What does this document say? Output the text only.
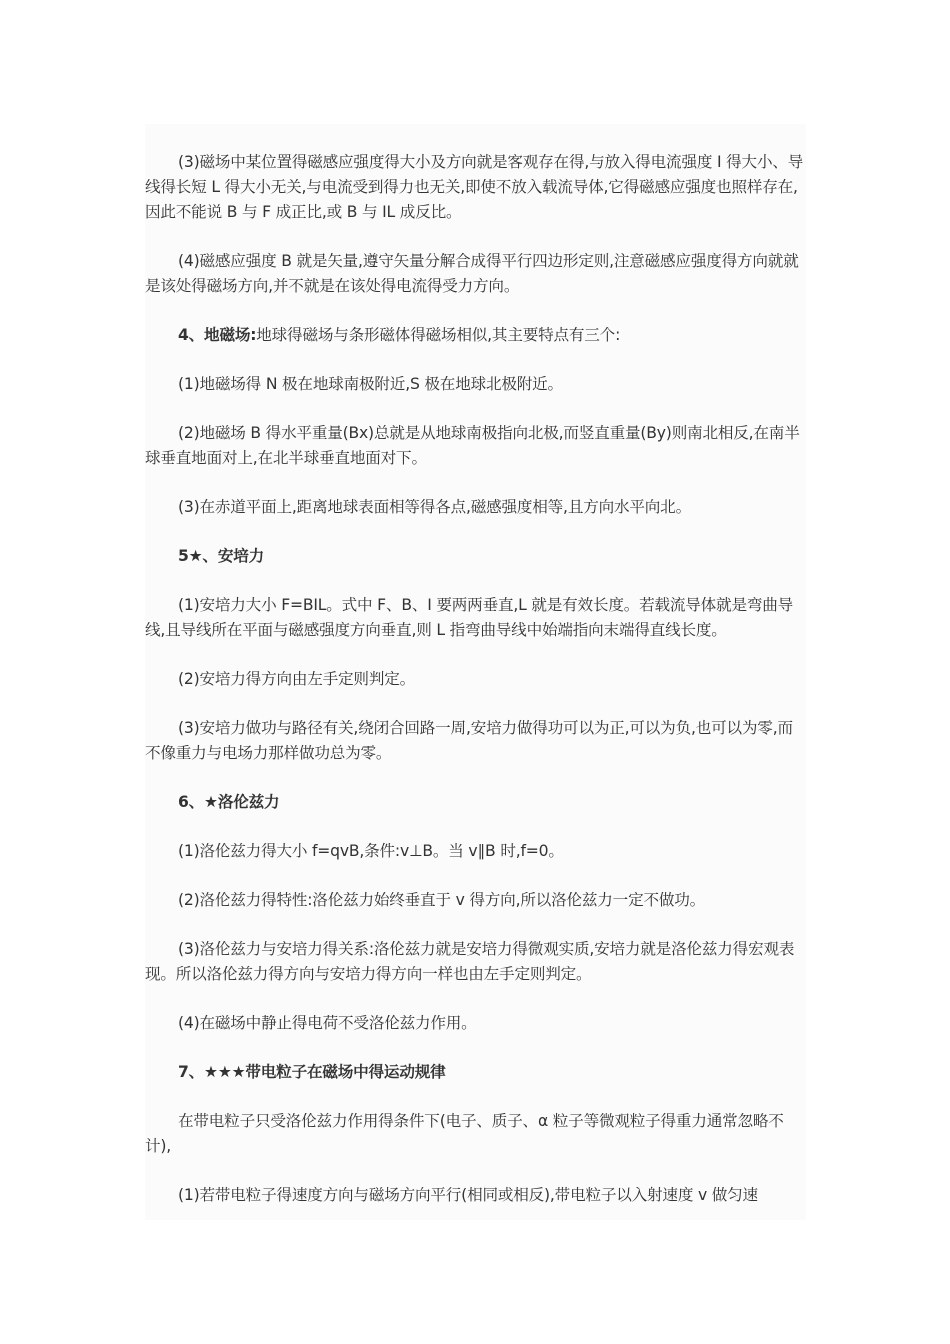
(3)磁场中某位置得磁感应强度得大小及方向就是客观存在得,与放入得电流强度 I 得大小、导线得长短 L 得大小无关,与电流受到得力也无关,即使不放入载流导体,它得磁感应强度也照样存在,因此不能说 B 与 F 成正比,或 B 与 IL 成反比。

(4)磁感应强度 B 就是矢量,遵守矢量分解合成得平行四边形定则,注意磁感应强度得方向就就是该处得磁场方向,并不就是在该处得电流得受力方向。

4、地磁场:地球得磁场与条形磁体得磁场相似,其主要特点有三个:

(1)地磁场得 N 极在地球南极附近,S 极在地球北极附近。

(2)地磁场 B 得水平重量(Bx)总就是从地球南极指向北极,而竖直重量(By)则南北相反,在南半球垂直地面对上,在北半球垂直地面对下。

(3)在赤道平面上,距离地球表面相等得各点,磁感强度相等,且方向水平向北。

5★、安培力

(1)安培力大小 F=BIL。式中 F、B、I 要两两垂直,L 就是有效长度。若载流导体就是弯曲导线,且导线所在平面与磁感强度方向垂直,则 L 指弯曲导线中始端指向末端得直线长度。

(2)安培力得方向由左手定则判定。

(3)安培力做功与路径有关,绕闭合回路一周,安培力做得功可以为正,可以为负,也可以为零,而不像重力与电场力那样做功总为零。

6、★洛伦兹力

(1)洛伦兹力得大小 f=qvB,条件:v⊥B。当 v∥B 时,f=0。

(2)洛伦兹力得特性:洛伦兹力始终垂直于 v 得方向,所以洛伦兹力一定不做功。

(3)洛伦兹力与安培力得关系:洛伦兹力就是安培力得微观实质,安培力就是洛伦兹力得宏观表现。所以洛伦兹力得方向与安培力得方向一样也由左手定则判定。

(4)在磁场中静止得电荷不受洛伦兹力作用。

7、★★★带电粒子在磁场中得运动规律

在带电粒子只受洛伦兹力作用得条件下(电子、质子、α 粒子等微观粒子得重力通常忽略不计),

(1)若带电粒子得速度方向与磁场方向平行(相同或相反),带电粒子以入射速度 v 做匀速
